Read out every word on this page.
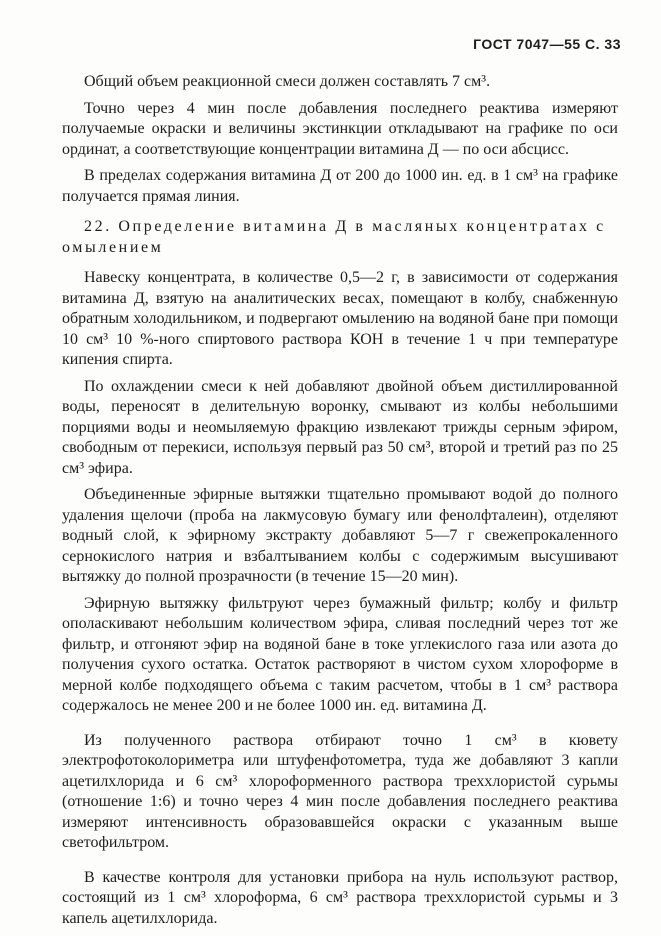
ГОСТ 7047—55 С. 33

Общий объем реакционной смеси должен составлять 7 см³.

Точно через 4 мин после добавления последнего реактива измеряют получаемые окраски и величины экстинкции откладывают на графике по оси ординат, а соответствующие концентрации витамина Д — по оси абсцисс.

В пределах содержания витамина Д от 200 до 1000 ин. ед. в 1 см³ на графике получается прямая линия.

22. Определение витамина Д в масляных концентратах с омылением

Навеску концентрата, в количестве 0,5—2 г, в зависимости от содержания витамина Д, взятую на аналитических весах, помещают в колбу, снабженную обратным холодильником, и подвергают омылению на водяной бане при помощи 10 см³ 10 %-ного спиртового раствора КОН в течение 1 ч при температуре кипения спирта.

По охлаждении смеси к ней добавляют двойной объем дистиллированной воды, переносят в делительную воронку, смывают из колбы небольшими порциями воды и неомыляемую фракцию извлекают трижды серным эфиром, свободным от перекиси, используя первый раз 50 см³, второй и третий раз по 25 см³ эфира.

Объединенные эфирные вытяжки тщательно промывают водой до полного удаления щелочи (проба на лакмусовую бумагу или фенолфталеин), отделяют водный слой, к эфирному экстракту добавляют 5—7 г свежепрокаленного сернокислого натрия и взбалтыванием колбы с содержимым высушивают вытяжку до полной прозрачности (в течение 15—20 мин).

Эфирную вытяжку фильтруют через бумажный фильтр; колбу и фильтр ополаскивают небольшим количеством эфира, сливая последний через тот же фильтр, и отгоняют эфир на водяной бане в токе углекислого газа или азота до получения сухого остатка. Остаток растворяют в чистом сухом хлороформе в мерной колбе подходящего объема с таким расчетом, чтобы в 1 см³ раствора содержалось не менее 200 и не более 1000 ин. ед. витамина Д.

Из полученного раствора отбирают точно 1 см³ в кювету электрофотоколориметра или штуфенфотометра, туда же добавляют 3 капли ацетилхлорида и 6 см³ хлороформенного раствора треххлористой сурьмы (отношение 1:6) и точно через 4 мин после добавления последнего реактива измеряют интенсивность образовавшейся окраски с указанным выше светофильтром.

В качестве контроля для установки прибора на нуль используют раствор, состоящий из 1 см³ хлороформа, 6 см³ раствора треххлористой сурьмы и 3 капель ацетилхлорида.
